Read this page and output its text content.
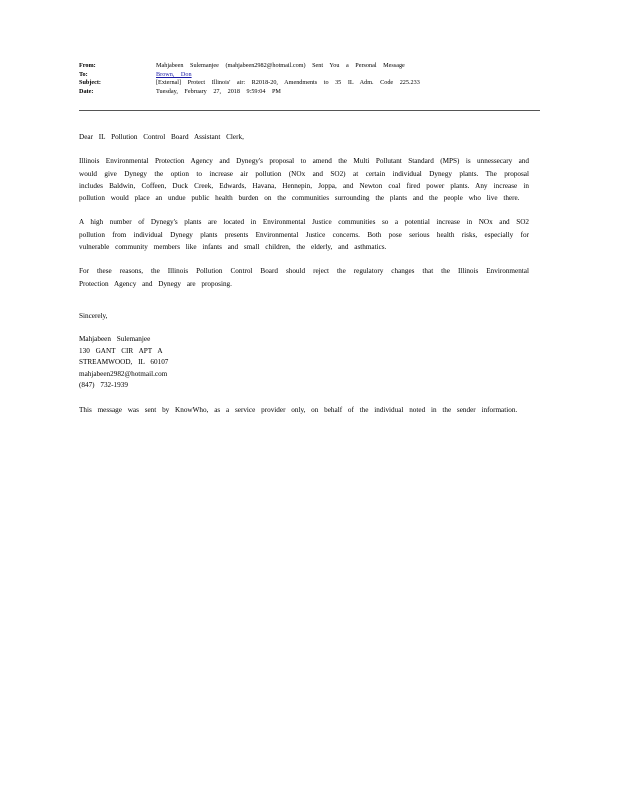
From:	Mahjabeen Sulemanjee (mahjabeen2982@hotmail.com) Sent You a Personal Message
To:	Brown, Don
Subject:	[External] Protect Illinois' air: R2018-20, Amendments to 35 IL Adm. Code 225.233
Date:	Tuesday, February 27, 2018 9:59:04 PM
Dear IL Pollution Control Board Assistant Clerk,

Illinois Environmental Protection Agency and Dynegy's proposal to amend the Multi Pollutant Standard (MPS) is unnessecary and would give Dynegy the option to increase air pollution (NOx and SO2) at certain individual Dynegy plants. The proposal includes Baldwin, Coffeen, Duck Creek, Edwards, Havana, Hennepin, Joppa, and Newton coal fired power plants. Any increase in pollution would place an undue public health burden on the communities surrounding the plants and the people who live there.

A high number of Dynegy's plants are located in Environmental Justice communities so a potential increase in NOx and SO2 pollution from individual Dynegy plants presents Environmental Justice concerns. Both pose serious health risks, especially for vulnerable community members like infants and small children, the elderly, and asthmatics.

For these reasons, the Illinois Pollution Control Board should reject the regulatory changes that the Illinois Environmental Protection Agency and Dynegy are proposing.

Sincerely,
Mahjabeen Sulemanjee
130 GANT CIR APT A
STREAMWOOD, IL 60107
mahjabeen2982@hotmail.com
(847) 732-1939
This message was sent by KnowWho, as a service provider only, on behalf of the individual noted in the sender information.
